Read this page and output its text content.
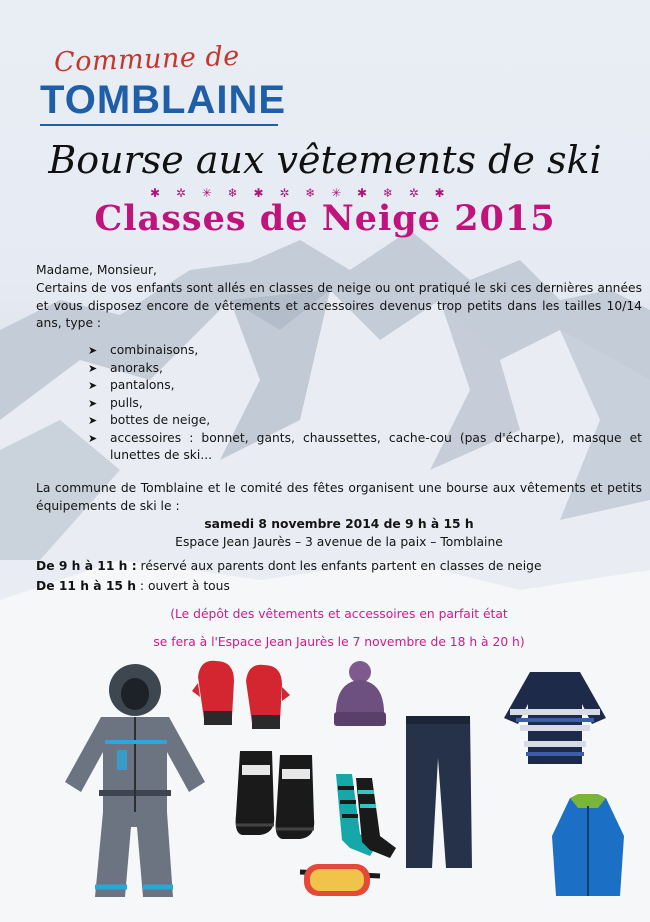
Commune de
TOMBLAINE
Bourse aux vêtements de ski
✱ ✲ ✳ ❄ ✱ ✲ ❄ ✳ ✱ ❄ ✲ ✱
Classes de Neige 2015
Madame, Monsieur,
Certains de vos enfants sont allés en classes de neige ou ont pratiqué le ski ces dernières années et vous disposez encore de vêtements et accessoires devenus trop petits dans les tailles 10/14 ans, type :
➤ combinaisons,
➤ anoraks,
➤ pantalons,
➤ pulls,
➤ bottes de neige,
➤ accessoires : bonnet, gants, chaussettes, cache-cou (pas d'écharpe), masque et lunettes de ski...
La commune de Tomblaine et le comité des fêtes organisent une bourse aux vêtements et petits équipements de ski le :
samedi 8 novembre 2014 de 9 h à 15 h
Espace Jean Jaurès – 3 avenue de la paix – Tomblaine
De 9 h à 11 h : réservé aux parents dont les enfants partent en classes de neige
De 11 h à 15 h : ouvert à tous
(Le dépôt des vêtements et accessoires en parfait état
se fera à l'Espace Jean Jaurès le 7 novembre de 18 h à 20 h)
